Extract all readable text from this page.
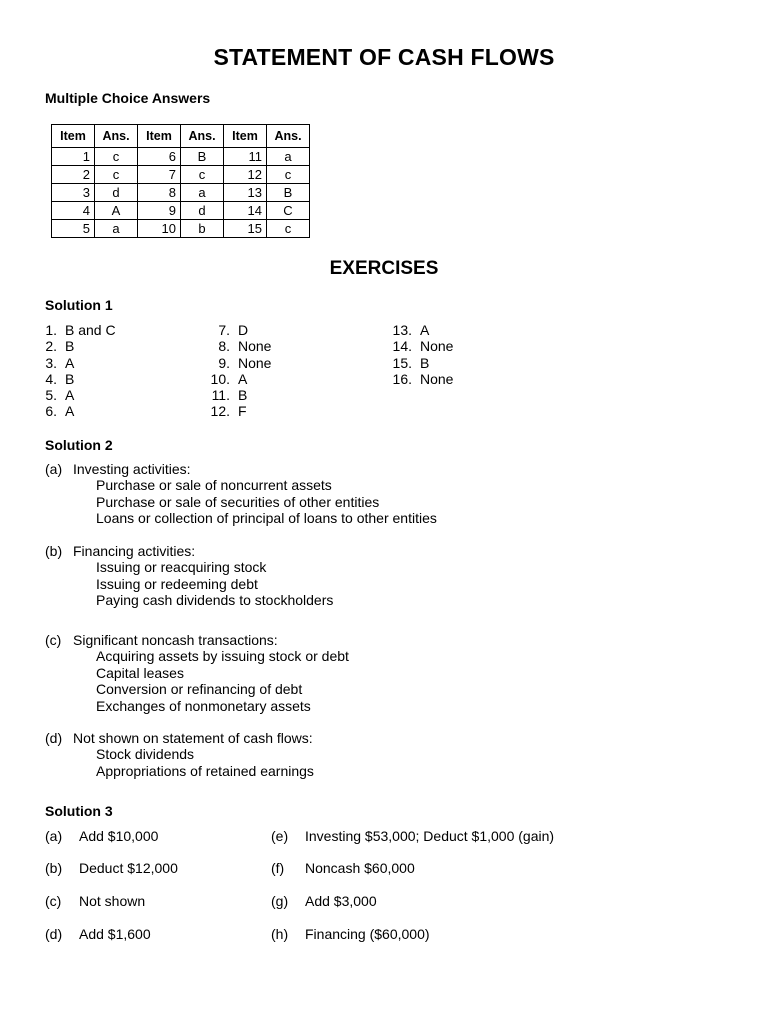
STATEMENT OF CASH FLOWS
Multiple Choice Answers
Item	Ans.	Item	Ans.	Item	Ans.
1	c	6	B	11	a
2	c	7	c	12	c
3	d	8	a	13	B
4	A	9	d	14	C
5	a	10	b	15	c
EXERCISES
Solution 1
1. B and C
2. B
3. A
4. B
5. A
6. A
7. D
8. None
9. None
10. A
11. B
12. F
13. A
14. None
15. B
16. None
Solution 2
(a) Investing activities:
Purchase or sale of noncurrent assets
Purchase or sale of securities of other entities
Loans or collection of principal of loans to other entities
(b) Financing activities:
Issuing or reacquiring stock
Issuing or redeeming debt
Paying cash dividends to stockholders
(c) Significant noncash transactions:
Acquiring assets by issuing stock or debt
Capital leases
Conversion or refinancing of debt
Exchanges of nonmonetary assets
(d) Not shown on statement of cash flows:
Stock dividends
Appropriations of retained earnings
Solution 3
(a)	Add $10,000
(b)	Deduct $12,000
(c)	Not shown
(d)	Add $1,600
(e)	Investing $53,000; Deduct $1,000 (gain)
(f)	Noncash $60,000
(g)	Add $3,000
(h)	Financing ($60,000)
